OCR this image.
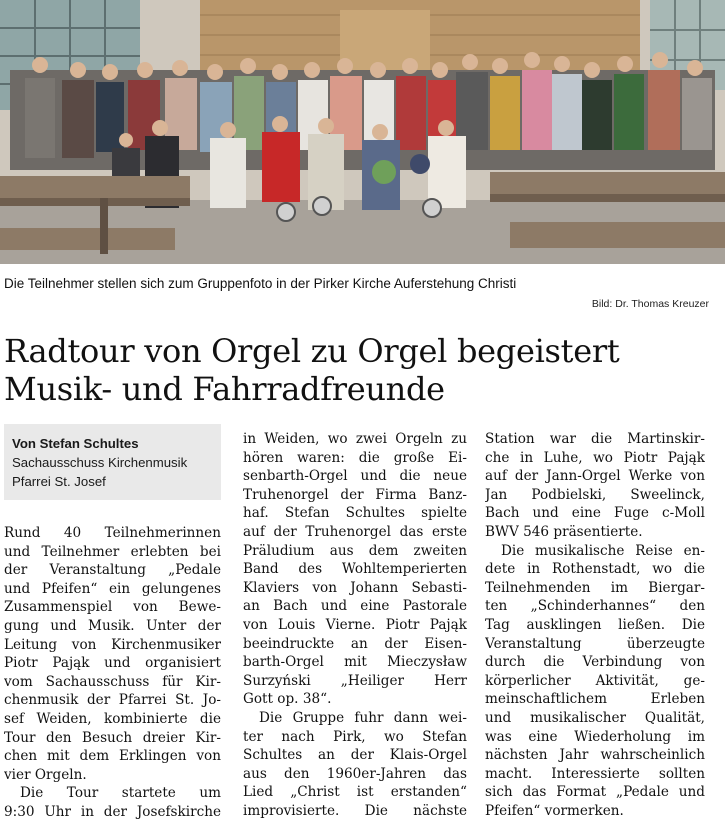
Die Teilnehmer stellen sich zum Gruppenfoto in der Pirker Kirche Auferstehung Christi
Bild: Dr. Thomas Kreuzer
Radtour von Orgel zu Orgel begeistert
Musik- und Fahrradfreunde
Von Stefan Schultes
Sachausschuss Kirchenmusik
Pfarrei St. Josef
Rund 40 Teilnehmerinnen
und Teilnehmer erlebten bei
der Veranstaltung „Pedale
und Pfeifen“ ein gelungenes
Zusammenspiel von Bewe-
gung und Musik. Unter der
Leitung von Kirchenmusiker
Piotr Pająk und organisiert
vom Sachausschuss für Kir-
chenmusik der Pfarrei St. Jo-
sef Weiden, kombinierte die
Tour den Besuch dreier Kir-
chen mit dem Erklingen von
vier Orgeln.
Die Tour startete um
9:30 Uhr in der Josefskirche
in Weiden, wo zwei Orgeln zu
hören waren: die große Ei-
senbarth-Orgel und die neue
Truhenorgel der Firma Banz-
haf. Stefan Schultes spielte
auf der Truhenorgel das erste
Präludium aus dem zweiten
Band des Wohltemperierten
Klaviers von Johann Sebasti-
an Bach und eine Pastorale
von Louis Vierne. Piotr Pająk
beeindruckte an der Eisen-
barth-Orgel mit Mieczysław
Surzyński „Heiliger Herr
Gott op. 38“.
Die Gruppe fuhr dann wei-
ter nach Pirk, wo Stefan
Schultes an der Klais-Orgel
aus den 1960er-Jahren das
Lied „Christ ist erstanden“
improvisierte. Die nächste
Station war die Martinskir-
che in Luhe, wo Piotr Pająk
auf der Jann-Orgel Werke von
Jan Podbielski, Sweelinck,
Bach und eine Fuge c-Moll
BWV 546 präsentierte.
Die musikalische Reise en-
dete in Rothenstadt, wo die
Teilnehmenden im Biergar-
ten „Schinderhannes“ den
Tag ausklingen ließen. Die
Veranstaltung überzeugte
durch die Verbindung von
körperlicher Aktivität, ge-
meinschaftlichem Erleben
und musikalischer Qualität,
was eine Wiederholung im
nächsten Jahr wahrscheinlich
macht. Interessierte sollten
sich das Format „Pedale und
Pfeifen“ vormerken.
